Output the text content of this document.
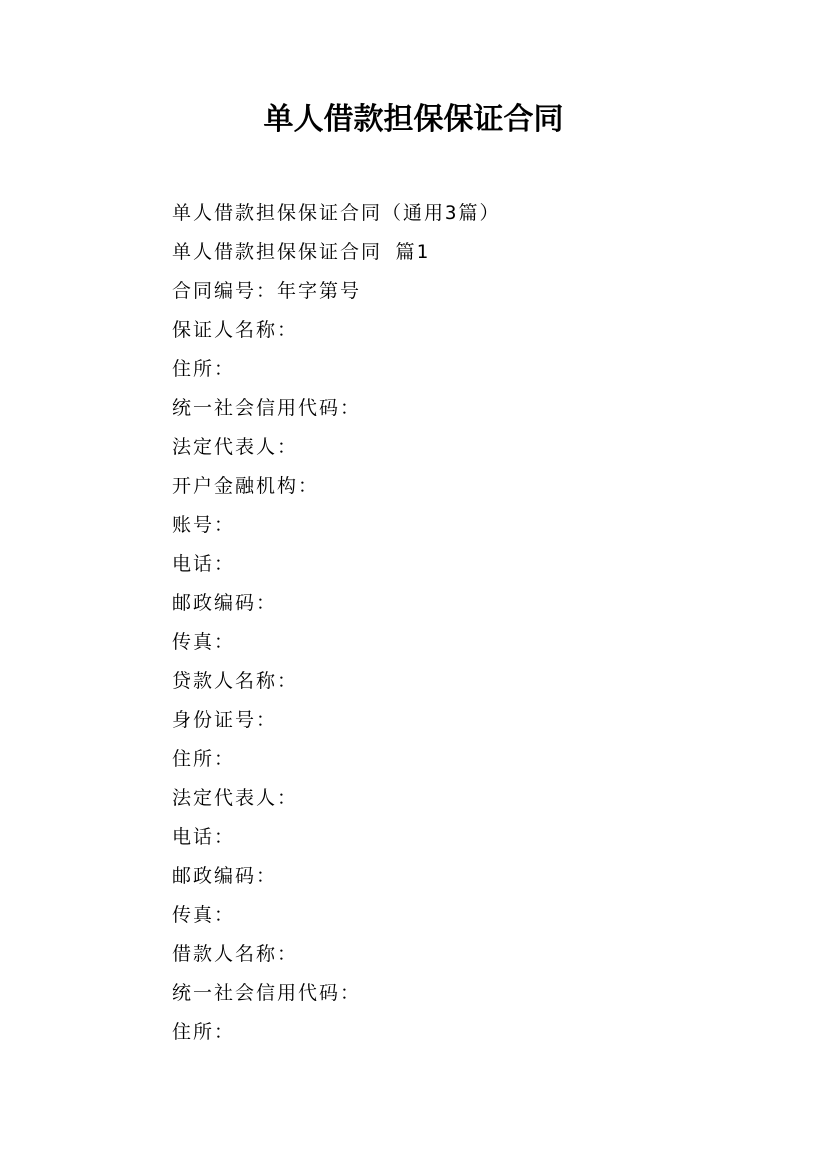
单人借款担保保证合同
单人借款担保保证合同（通用3篇）
单人借款担保保证合同 篇1
合同编号：年字第号
保证人名称：
住所：
统一社会信用代码：
法定代表人：
开户金融机构：
账号：
电话：
邮政编码：
传真：
贷款人名称：
身份证号：
住所：
法定代表人：
电话：
邮政编码：
传真：
借款人名称：
统一社会信用代码：
住所：
